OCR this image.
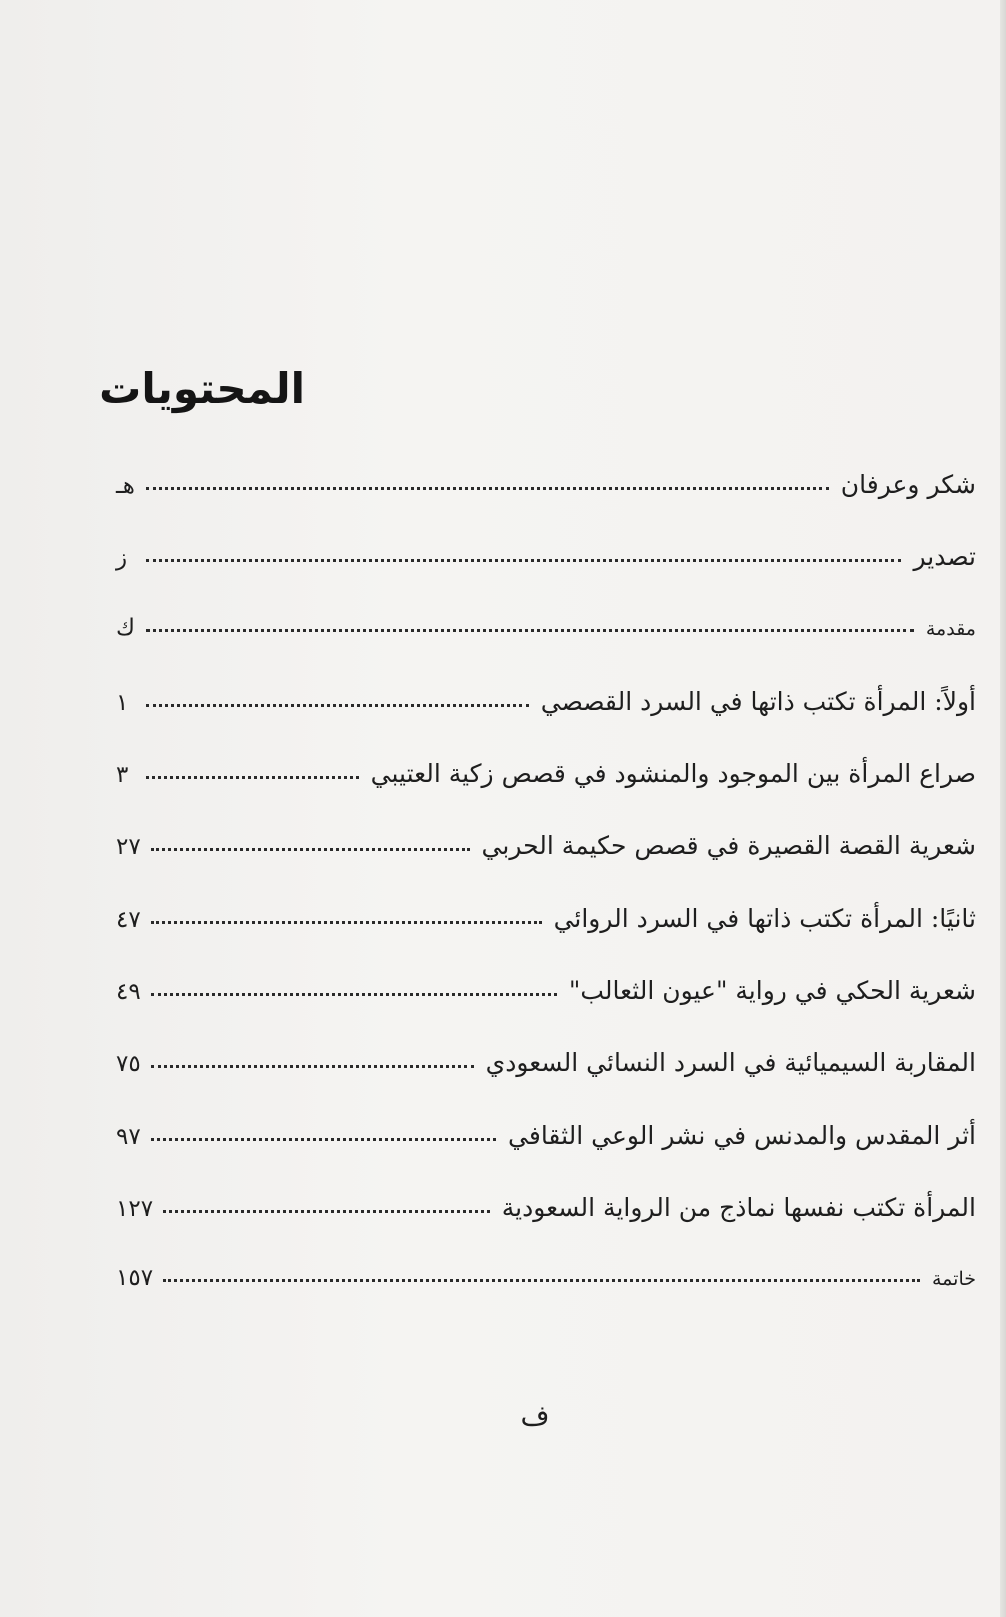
المحتويات
شكر وعرفان
هـ
تصدير
ز
مقدمة
ك
أولاً: المرأة تكتب ذاتها في السرد القصصي
١
صراع المرأة بين الموجود والمنشود في قصص زكية العتيبي
٣
شعرية القصة القصيرة في قصص حكيمة الحربي
٢٧
ثانيًا: المرأة تكتب ذاتها في السرد الروائي
٤٧
شعرية الحكي في رواية "عيون الثعالب"
٤٩
المقاربة السيميائية في السرد النسائي السعودي
٧٥
أثر المقدس والمدنس في نشر الوعي الثقافي
٩٧
المرأة تكتب نفسها نماذج من الرواية السعودية
١٢٧
خاتمة
١٥٧

ف
